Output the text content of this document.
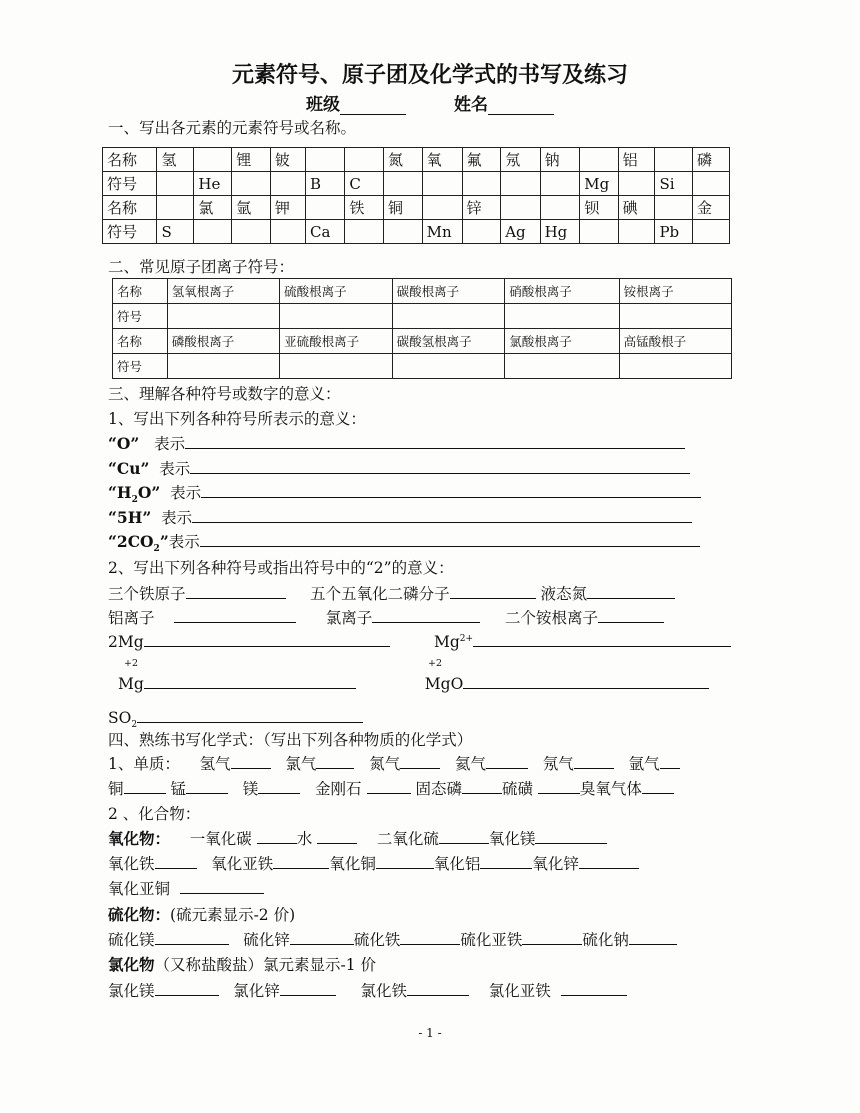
元素符号、原子团及化学式的书写及练习
班级	姓名
一、写出各元素的元素符号或名称。
名称	氢		锂	铍			氮	氧	氟	氖	钠		铝		磷
符号		He			B	C						Mg		Si	
名称		氯	氩	钾		铁	铜		锌			钡	碘		金
符号	S				Ca			Mn		Ag	Hg			Pb	
二、常见原子团离子符号：
名称	氢氧根离子	硫酸根离子	碳酸根离子	硝酸根离子	铵根离子
符号					
名称	磷酸根离子	亚硫酸根离子	碳酸氢根离子	氯酸根离子	高锰酸根子
符号					
三、理解各种符号或数字的意义：
1、写出下列各种符号所表示的意义：
“O” 表示
“Cu” 表示
“$H_2O$” 表示
“5H” 表示
“$2CO_2$”表示
2、写出下列各种符号或指出符号中的“2”的意义：
三个铁原子	五个五氧化二磷分子	液态氮
铝离子	氯离子	二个铵根离子
2Mg	$Mg^{2+}$
+2	+2
Mg	MgO
$SO_2$
四、熟练书写化学式：（写出下列各种物质的化学式）
1、单质： 氢气	氯气	氮气	氦气	氖气	氩气
铜	锰	镁	金刚石	固态磷	硫磺	臭氧气体
2 、化合物：
氧化物： 一氧化碳	水	二氧化硫	氧化镁
氧化铁	氧化亚铁	氧化铜	氧化铝	氧化锌
氧化亚铜
硫化物：(硫元素显示-2 价)
硫化镁	硫化锌	硫化铁	硫化亚铁	硫化钠
氯化物（又称盐酸盐）氯元素显示-1 价
氯化镁	氯化锌	氯化铁	氯化亚铁
- 1 -
